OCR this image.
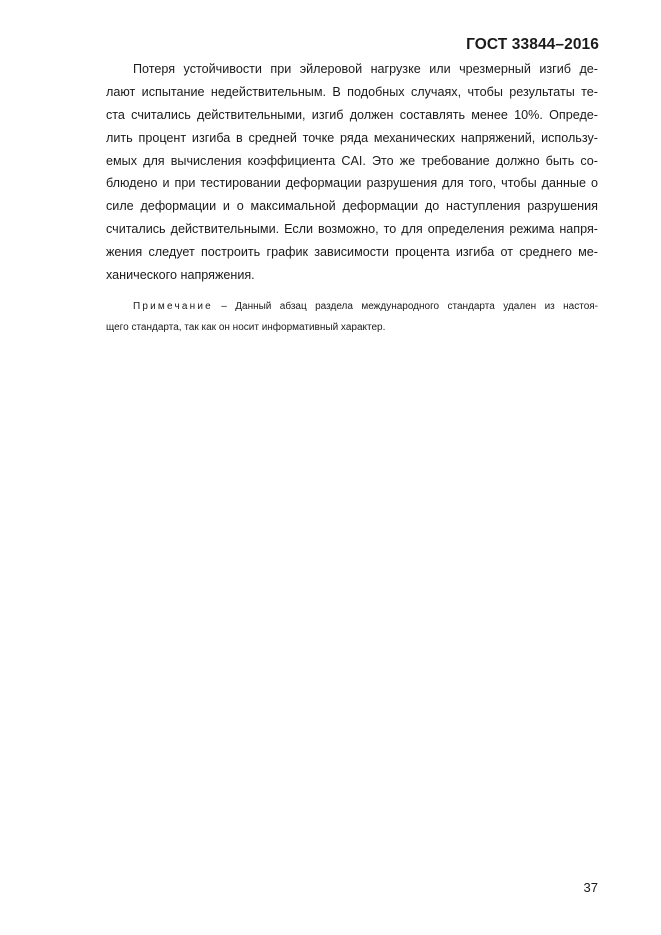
ГОСТ 33844–2016
Потеря устойчивости при эйлеровой нагрузке или чрезмерный изгиб де-
лают испытание недействительным. В подобных случаях, чтобы результаты те-
ста считались действительными, изгиб должен составлять менее 10%. Опреде-
лить процент изгиба в средней точке ряда механических напряжений, использу-
емых для вычисления коэффициента CAI. Это же требование должно быть со-
блюдено и при тестировании деформации разрушения для того, чтобы данные о
силе деформации и о максимальной деформации до наступления разрушения
считались действительными. Если возможно, то для определения режима напря-
жения следует построить график зависимости процента изгиба от среднего ме-
ханического напряжения.
Примечание – Данный абзац раздела международного стандарта удален из настоя-
щего стандарта, так как он носит информативный характер.
37
